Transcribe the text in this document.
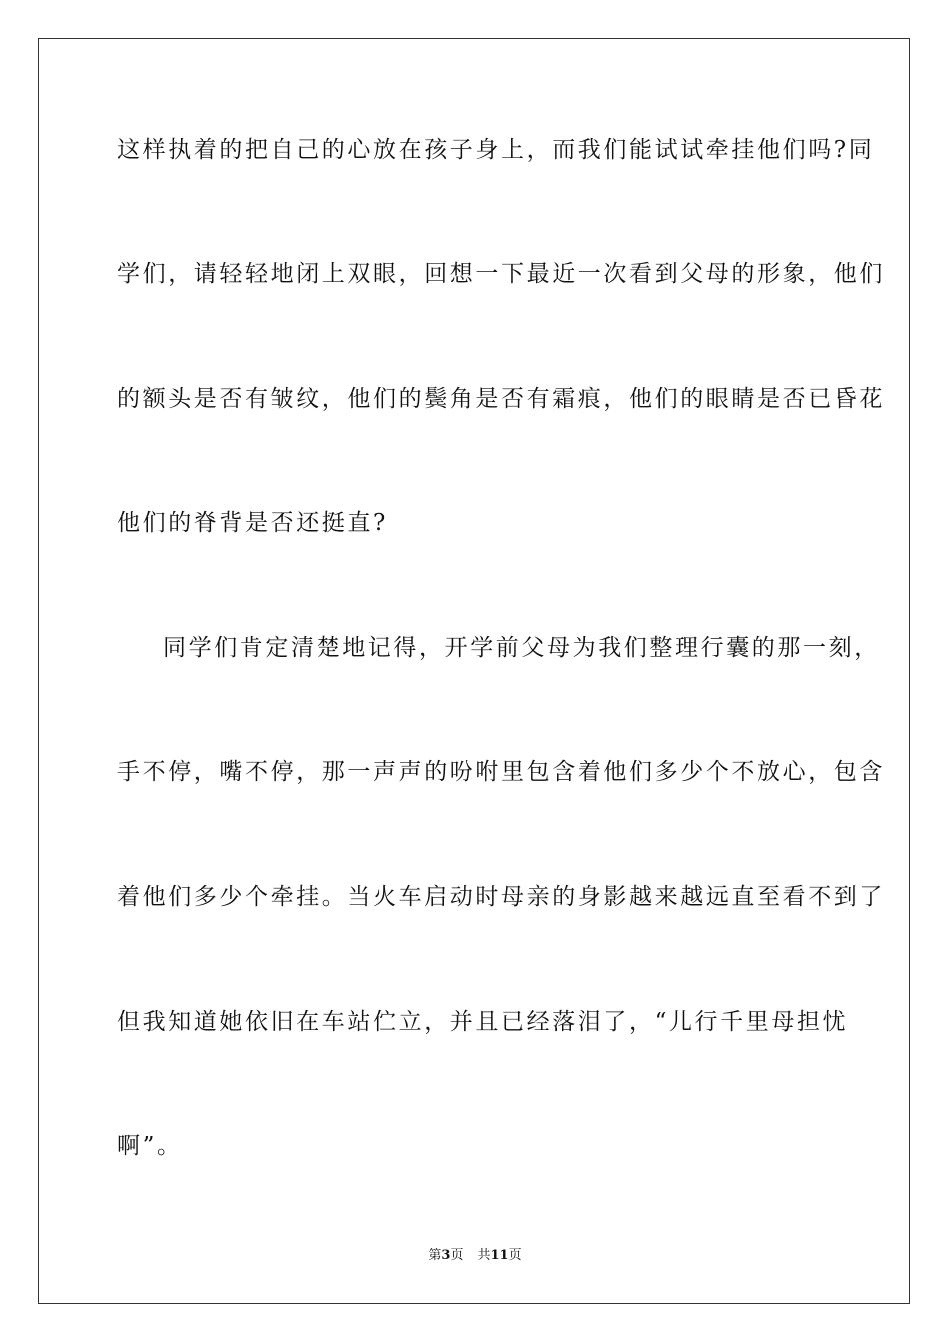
这样执着的把自己的心放在孩子身上，而我们能试试牵挂他们吗?同
学们，请轻轻地闭上双眼，回想一下最近一次看到父母的形象，他们
的额头是否有皱纹，他们的鬓角是否有霜痕，他们的眼睛是否已昏花
他们的脊背是否还挺直?
同学们肯定清楚地记得，开学前父母为我们整理行囊的那一刻，
手不停，嘴不停，那一声声的吩咐里包含着他们多少个不放心，包含
着他们多少个牵挂。当火车启动时母亲的身影越来越远直至看不到了
但我知道她依旧在车站伫立，并且已经落泪了，“儿行千里母担忧
啊”。
第3页 共11页
